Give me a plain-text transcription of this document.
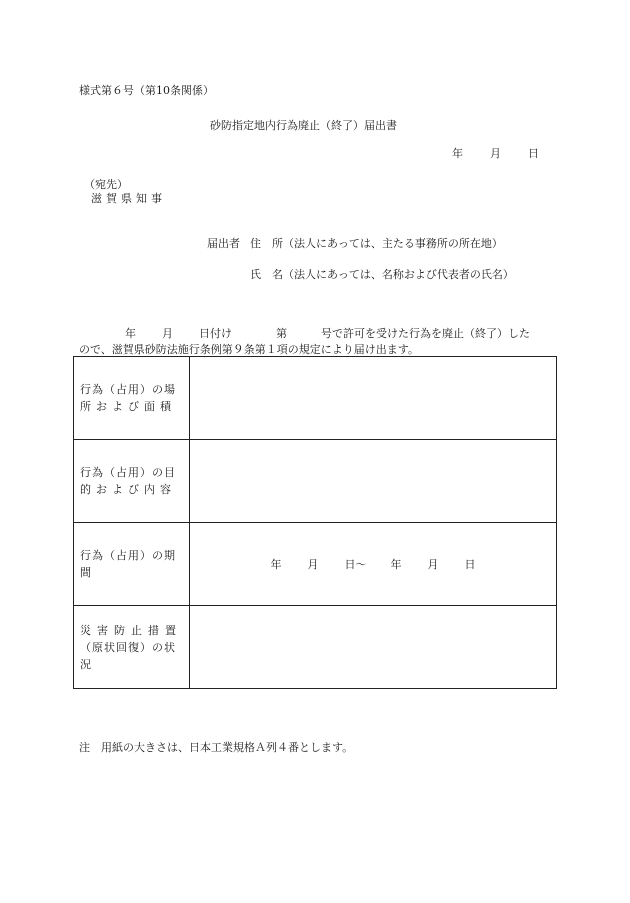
様式第６号（第10条関係）
砂防指定地内行為廃止（終了）届出書
年 月 日
（宛先）
滋賀県知事
届出者 住　所（法人にあっては、主たる事務所の所在地）
氏　名（法人にあっては、名称および代表者の氏名）
年 月 日付け	第	号で許可を受けた行為を廃止（終了）した
ので、滋賀県砂防法施行条例第９条第１項の規定により届け出ます。
行為（占用）の場
所および面積	

行為（占用）の目
的および内容	

行為（占用）の期
間	年 月 日〜 年 月 日

災害防止措置
（原状回復）の状
況	

注　用紙の大きさは、日本工業規格Ａ列４番とします。
